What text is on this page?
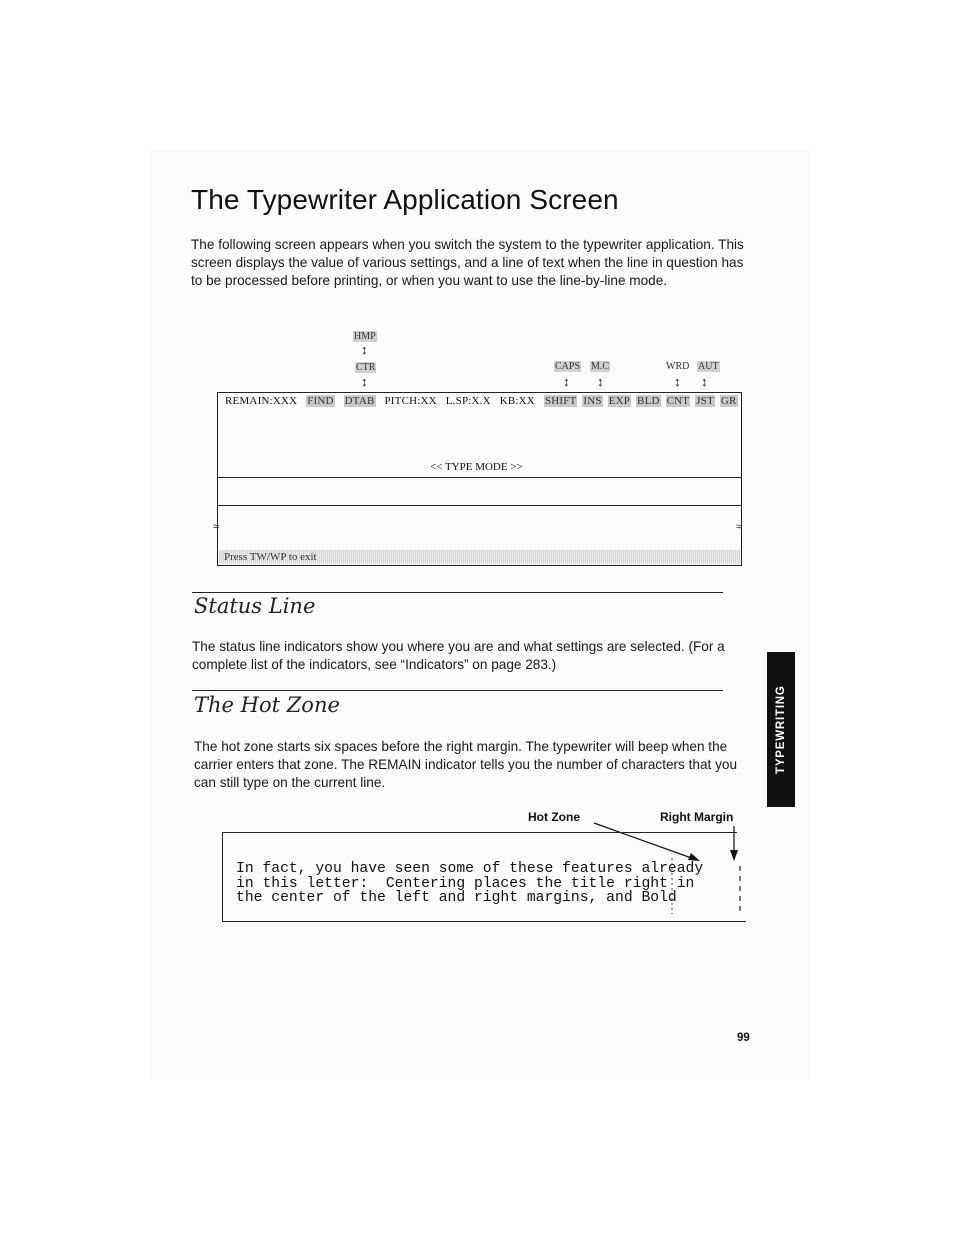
The Typewriter Application Screen

The following screen appears when you switch the system to the typewriter application. This screen displays the value of various settings, and a line of text when the line in question has to be processed before printing, or when you want to use the line-by-line mode.

HMP
↕
CTR
↕
CAPS M.C
↕ ↕
WRD AUT
↕ ↕
REMAIN:XXX FIND DTAB PITCH:XX L.SP:X.X KB:XX SHIFT INS EXP BLD CNT JST GR
<< TYPE MODE >>
≈	≈
Press TW/WP to exit
Status Line

The status line indicators show you where you are and what settings are selected. (For a complete list of the indicators, see “Indicators” on page 283.)

The Hot Zone

The hot zone starts six spaces before the right margin. The typewriter will beep when the carrier enters that zone. The REMAIN indicator tells you the number of characters that you can still type on the current line.

Hot Zone	Right Margin
In fact, you have seen some of these features already
in this letter:  Centering places the title right in
the center of the left and right margins, and Bold
TYPEWRITING
99
